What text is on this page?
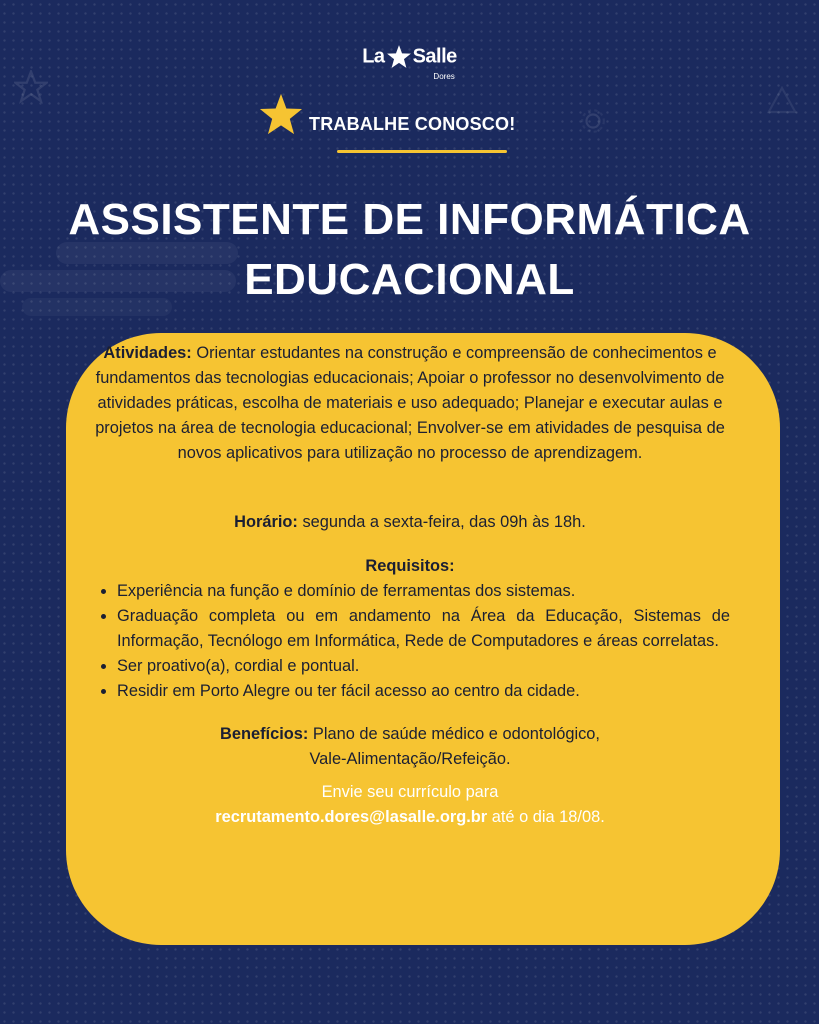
La Salle
Dores
TRABALHE CONOSCO!
ASSISTENTE DE INFORMÁTICA
EDUCACIONAL

Atividades: Orientar estudantes na construção e compreensão de conhecimentos e fundamentos das tecnologias educacionais; Apoiar o professor no desenvolvimento de atividades práticas, escolha de materiais e uso adequado; Planejar e executar aulas e projetos na área de tecnologia educacional; Envolver-se em atividades de pesquisa de novos aplicativos para utilização no processo de aprendizagem.

Horário: segunda a sexta-feira, das 09h às 18h.

Requisitos:

• Experiência na função e domínio de ferramentas dos sistemas.
• Graduação completa ou em andamento na Área da Educação, Sistemas de Informação, Tecnólogo em Informática, Rede de Computadores e áreas correlatas.
• Ser proativo(a), cordial e pontual.
• Residir em Porto Alegre ou ter fácil acesso ao centro da cidade.

Benefícios: Plano de saúde médico e odontológico,
Vale-Alimentação/Refeição.

Envie seu currículo para
recrutamento.dores@lasalle.org.br até o dia 18/08.
